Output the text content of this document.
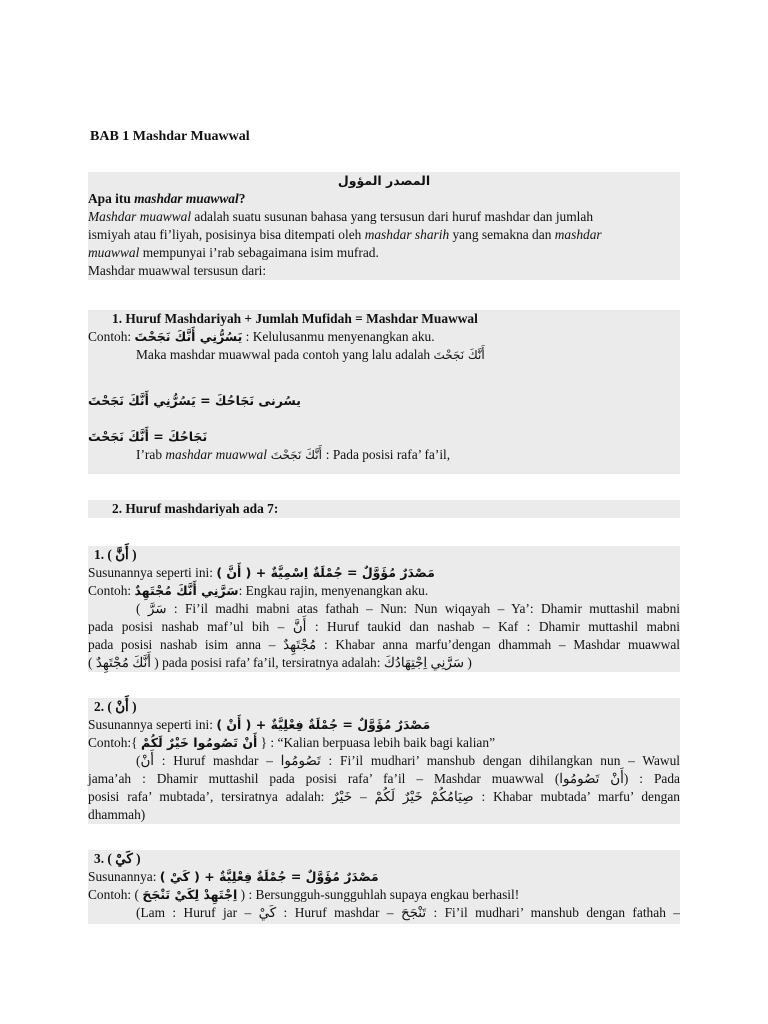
BAB 1 Mashdar Muawwal
المصدر المؤول
Apa itu mashdar muawwal?
Mashdar muawwal adalah suatu susunan bahasa yang tersusun dari huruf mashdar dan jumlah
ismiyah atau fi’liyah, posisinya bisa ditempati oleh mashdar sharih yang semakna dan mashdar
muawwal mempunyai i’rab sebagaimana isim mufrad.
Mashdar muawwal tersusun dari:
1. Huruf Mashdariyah + Jumlah Mufidah = Mashdar Muawwal
Contoh: يَسُرُّنِي أَنَّكَ نَجَحْتَ : Kelulusanmu menyenangkan aku.
Maka mashdar muawwal pada contoh yang lalu adalah أَنَّكَ نَجَحْتَ
يسُرنى نَجَاحُكَ = يَسُرُّنِي أَنَّكَ نَجَحْتَ
نَجَاحُكَ = أَنَّكَ نَجَحْتَ
I’rab mashdar muawwal أَنَّكَ نَجَحْتَ : Pada posisi rafa’ fa’il,
2. Huruf mashdariyah ada 7:
1. ( أَنَّ )
Susunannya seperti ini: مَصْدَرٌ مُؤَوَّلٌ = جُمْلَةٌ اِسْمِيَّةٌ + ( أَنَّ )
Contoh: سَرَّنِي أَنَّكَ مُجْتَهِدٌ: Engkau rajin, menyenangkan aku.
( سَرَّ : Fi’il madhi mabni atas fathah – Nun: Nun wiqayah – Ya’: Dhamir muttashil mabni
pada posisi nashab maf’ul bih – أَنَّ : Huruf taukid dan nashab – Kaf : Dhamir muttashil mabni
pada posisi nashab isim anna – مُجْتَهِدٌ : Khabar anna marfu’dengan dhammah – Mashdar muawwal
( أَنَّكَ مُجْتَهِدٌ ) pada posisi rafa’ fa’il, tersiratnya adalah: سَرَّنِي اِجْتِهَادُكَ )
2. ( أَنْ )
Susunannya seperti ini: مَصْدَرٌ مُؤَوَّلٌ = جُمْلَةٌ فِعْلِيَّةٌ + ( أَنْ )
Contoh:{ أَنْ تَصُومُوا خَيْرٌ لَكُمْ } : “Kalian berpuasa lebih baik bagi kalian”
(أَنْ : Huruf mashdar – تَصُومُوا : Fi’il mudhari’ manshub dengan dihilangkan nun – Wawul
jama’ah : Dhamir muttashil pada posisi rafa’ fa’il – Mashdar muawwal (أَنْ تَصُومُوا) : Pada
posisi rafa’ mubtada’, tersiratnya adalah: صِيَامُكُمْ خَيْرٌ لَكُمْ – خَيْرٌ : Khabar mubtada’ marfu’ dengan
dhammah)
3. ( كَيْ )
Susunannya: مَصْدَرٌ مُؤَوَّلٌ = جُمْلَةٌ فِعْلِيَّةٌ + ( كَيْ )
Contoh: ( اِجْتَهِدْ لِكَيْ تَنْجَحَ ) : Bersungguh-sungguhlah supaya engkau berhasil!
(Lam : Huruf jar – كَيْ : Huruf mashdar – تَنْجَحَ : Fi’il mudhari’ manshub dengan fathah –
